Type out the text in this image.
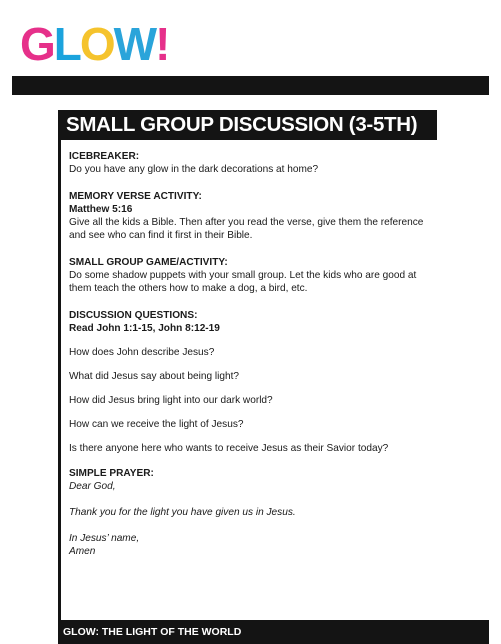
GLOW!
SMALL GROUP DISCUSSION (3-5TH)
ICEBREAKER:

Do you have any glow in the dark decorations at home?

MEMORY VERSE ACTIVITY:

Matthew 5:16

Give all the kids a Bible. Then after you read the verse, give them the reference and see who can find it first in their Bible.

SMALL GROUP GAME/ACTIVITY:

Do some shadow puppets with your small group. Let the kids who are good at them teach the others how to make a dog, a bird, etc.

DISCUSSION QUESTIONS:

Read John 1:1-15, John 8:12-19

How does John describe Jesus?

What did Jesus say about being light?

How did Jesus bring light into our dark world?

How can we receive the light of Jesus?

Is there anyone here who wants to receive Jesus as their Savior today?

SIMPLE PRAYER:

Dear God,

Thank you for the light you have given us in Jesus.

In Jesus’ name,

Amen

GLOW: THE LIGHT OF THE WORLD
